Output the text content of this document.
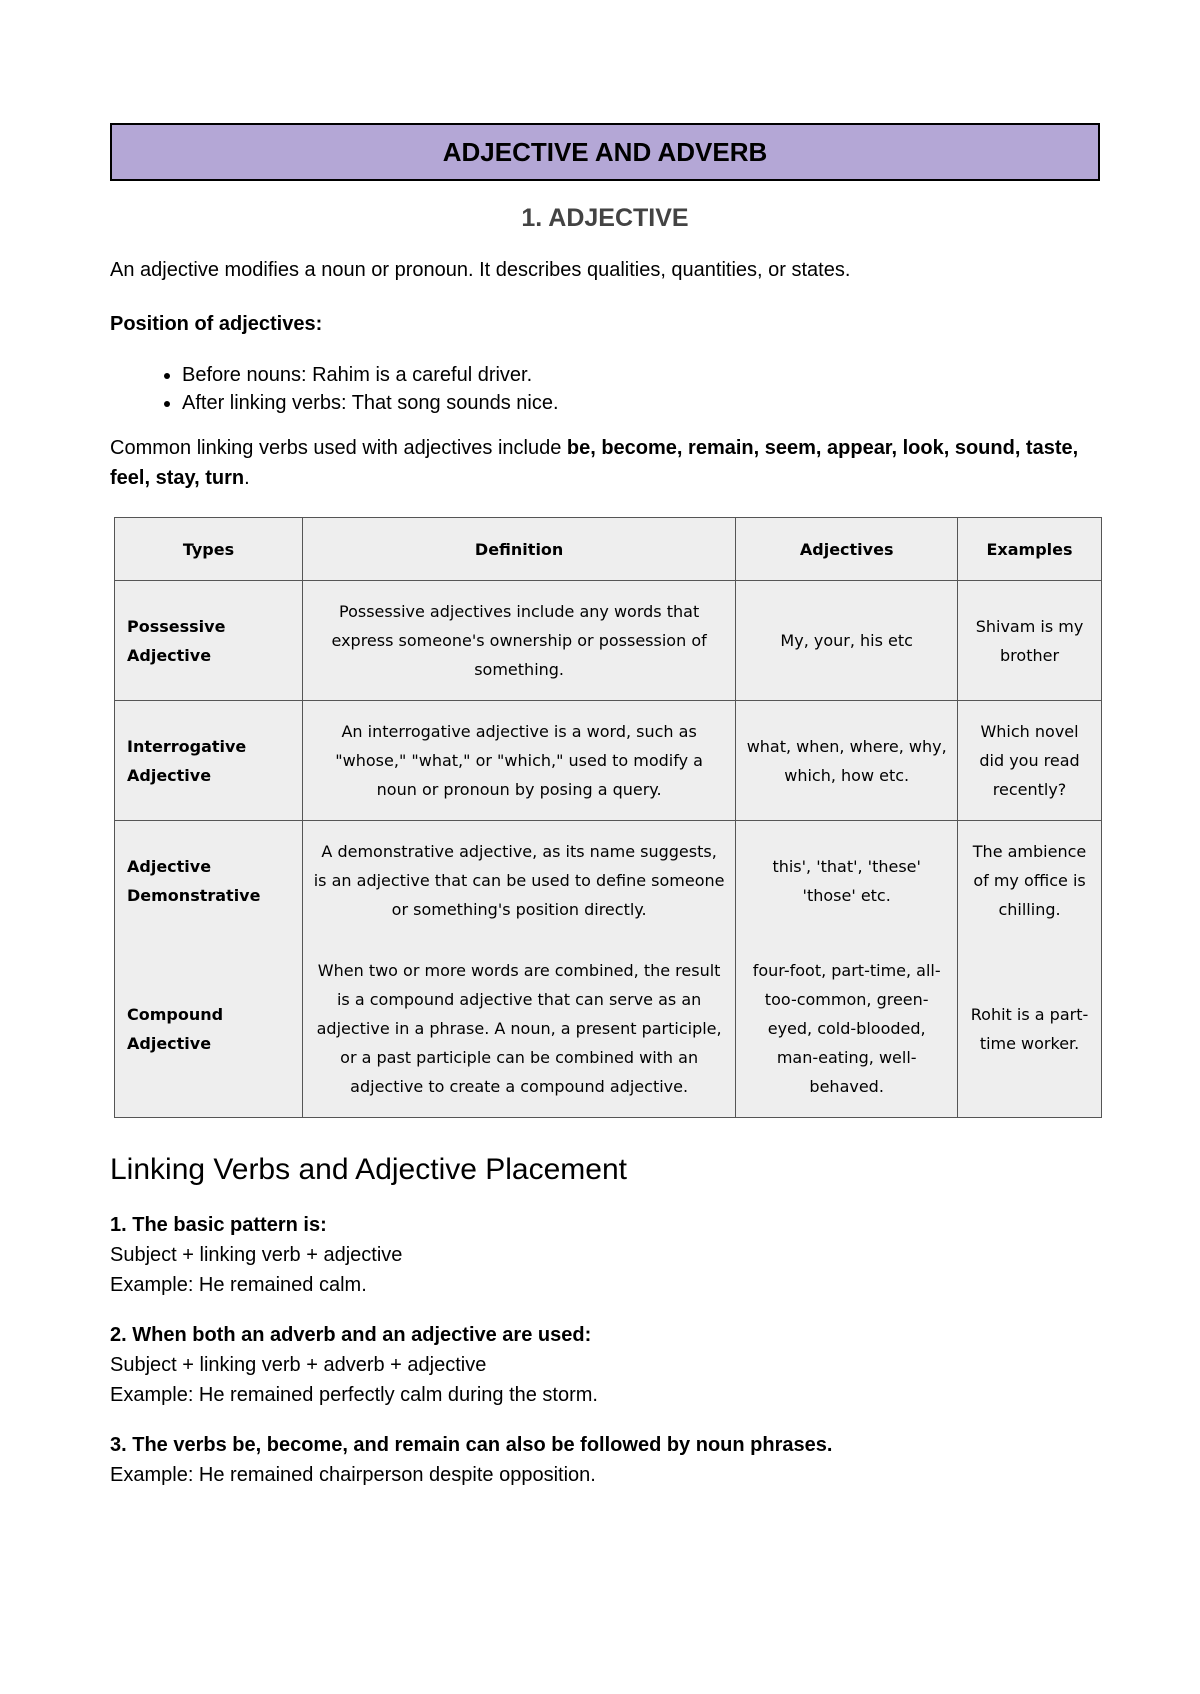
ADJECTIVE AND ADVERB
1. ADJECTIVE

An adjective modifies a noun or pronoun. It describes qualities, quantities, or states.

Position of adjectives:

• Before nouns: Rahim is a careful driver.
• After linking verbs: That song sounds nice.

Common linking verbs used with adjectives include be, become, remain, seem, appear, look, sound, taste, feel, stay, turn.

Types	Definition	Adjectives	Examples
Possessive Adjective	Possessive adjectives include any words that express someone's ownership or possession of something.	My, your, his etc	Shivam is my brother
Interrogative Adjective	An interrogative adjective is a word, such as "whose," "what," or "which," used to modify a noun or pronoun by posing a query.	what, when, where, why, which, how etc.	Which novel did you read recently?
Adjective Demonstrative	A demonstrative adjective, as its name suggests, is an adjective that can be used to define someone or something's position directly.	this', 'that', 'these' 'those' etc.	The ambience of my office is chilling.
Compound Adjective	When two or more words are combined, the result is a compound adjective that can serve as an adjective in a phrase. A noun, a present participle, or a past participle can be combined with an adjective to create a compound adjective.	four-foot, part-time, all-too-common, green-eyed, cold-blooded, man-eating, well-behaved.	Rohit is a part-time worker.
Linking Verbs and Adjective Placement

1. The basic pattern is:

Subject + linking verb + adjective

Example: He remained calm.

2. When both an adverb and an adjective are used:

Subject + linking verb + adverb + adjective

Example: He remained perfectly calm during the storm.

3. The verbs be, become, and remain can also be followed by noun phrases.

Example: He remained chairperson despite opposition.
